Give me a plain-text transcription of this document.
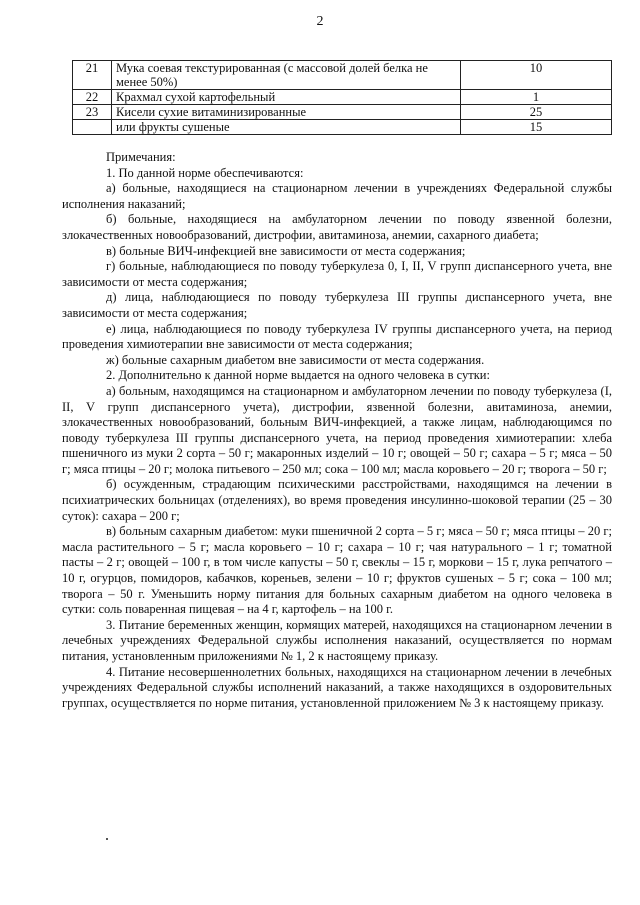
2
21	Мука соевая текстурированная (с массовой долей белка не менее 50%)	10
22	Крахмал сухой картофельный	1
23	Кисели сухие витаминизированные	25
	или фрукты сушеные	15

Примечания:

1. По данной норме обеспечиваются:

а) больные, находящиеся на стационарном лечении в учреждениях Федеральной службы исполнения наказаний;

б) больные, находящиеся на амбулаторном лечении по поводу язвенной болезни, злокачественных новообразований, дистрофии, авитаминоза, анемии, сахарного диабета;

в) больные ВИЧ-инфекцией вне зависимости от места содержания;

г) больные, наблюдающиеся по поводу туберкулеза 0, I, II, V групп диспансерного учета, вне зависимости от места содержания;

д) лица, наблюдающиеся по поводу туберкулеза III группы диспансерного учета, вне зависимости от места содержания;

е) лица, наблюдающиеся по поводу туберкулеза IV группы диспансерного учета, на период проведения химиотерапии вне зависимости от места содержания;

ж) больные сахарным диабетом вне зависимости от места содержания.

2. Дополнительно к данной норме выдается на одного человека в сутки:

а) больным, находящимся на стационарном и амбулаторном лечении по поводу туберкулеза (I, II, V групп диспансерного учета), дистрофии, язвенной болезни, авитаминоза, анемии, злокачественных новообразований, больным ВИЧ-инфекцией, а также лицам, наблюдающимся по поводу туберкулеза III группы диспансерного учета, на период проведения химиотерапии: хлеба пшеничного из муки 2 сорта – 50 г; макаронных изделий – 10 г; овощей – 50 г; сахара – 5 г; мяса – 50 г; мяса птицы – 20 г; молока питьевого – 250 мл; сока – 100 мл; масла коровьего – 20 г; творога – 50 г;

б) осужденным, страдающим психическими расстройствами, находящимся на лечении в психиатрических больницах (отделениях), во время проведения инсулинно-шоковой терапии (25 – 30 суток): сахара – 200 г;

в) больным сахарным диабетом: муки пшеничной 2 сорта – 5 г; мяса – 50 г; мяса птицы – 20 г; масла растительного – 5 г; масла коровьего – 10 г; сахара – 10 г; чая натурального – 1 г; томатной пасты – 2 г; овощей – 100 г, в том числе капусты – 50 г, свеклы – 15 г, моркови – 15 г, лука репчатого – 10 г, огурцов, помидоров, кабачков, кореньев, зелени – 10 г; фруктов сушеных – 5 г; сока – 100 мл; творога – 50 г. Уменьшить норму питания для больных сахарным диабетом на одного человека в сутки: соль поваренная пищевая – на 4 г, картофель – на 100 г.

3. Питание беременных женщин, кормящих матерей, находящихся на стационарном лечении в лечебных учреждениях Федеральной службы исполнения наказаний, осуществляется по нормам питания, установленным приложениями № 1, 2 к настоящему приказу.

4. Питание несовершеннолетних больных, находящихся на стационарном лечении в лечебных учреждениях Федеральной службы исполнений наказаний, а также находящихся в оздоровительных группах, осуществляется по норме питания, установленной приложением № 3 к настоящему приказу.
